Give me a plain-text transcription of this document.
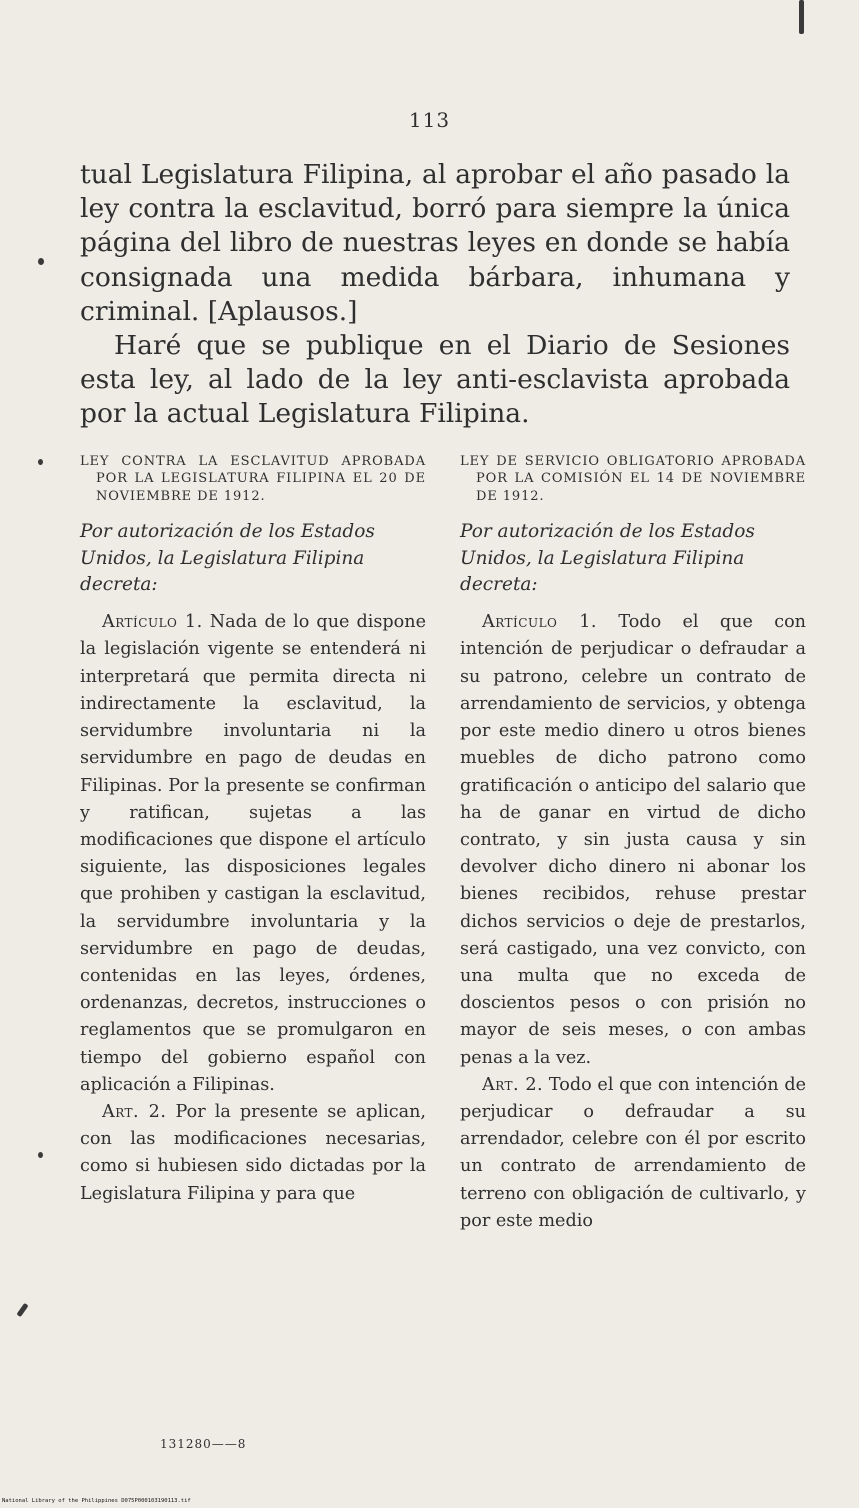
113

tual Legislatura Filipina, al aprobar el año pasado la ley contra la esclavitud, borró para siempre la única página del libro de nuestras leyes en donde se había consignada una medida bárbara, inhumana y criminal. [Aplausos.]

Haré que se publique en el Diario de Sesiones esta ley, al lado de la ley anti-esclavista aprobada por la actual Legislatura Filipina.

LEY CONTRA LA ESCLAVITUD APROBADA POR LA LEGISLATURA FILIPINA EL 20 DE NOVIEMBRE DE 1912.

Por autorización de los Estados Unidos, la Legislatura Filipina decreta:

Artículo 1. Nada de lo que dispone la legislación vigente se entenderá ni interpretará que permita directa ni indirectamente la esclavitud, la servidumbre involuntaria ni la servidumbre en pago de deudas en Filipinas. Por la presente se confirman y ratifican, sujetas a las modificaciones que dispone el artículo siguiente, las disposiciones legales que prohiben y castigan la esclavitud, la servidumbre involuntaria y la servidumbre en pago de deudas, contenidas en las leyes, órdenes, ordenanzas, decretos, instrucciones o reglamentos que se promulgaron en tiempo del gobierno español con aplicación a Filipinas.

Art. 2. Por la presente se aplican, con las modificaciones necesarias, como si hubiesen sido dictadas por la Legislatura Filipina y para que

LEY DE SERVICIO OBLIGATORIO APROBADA POR LA COMISIÓN EL 14 DE NOVIEMBRE DE 1912.

Por autorización de los Estados Unidos, la Legislatura Filipina decreta:

Artículo 1. Todo el que con intención de perjudicar o defraudar a su patrono, celebre un contrato de arrendamiento de servicios, y obtenga por este medio dinero u otros bienes muebles de dicho patrono como gratificación o anticipo del salario que ha de ganar en virtud de dicho contrato, y sin justa causa y sin devolver dicho dinero ni abonar los bienes recibidos, rehuse prestar dichos servicios o deje de prestarlos, será castigado, una vez convicto, con una multa que no exceda de doscientos pesos o con prisión no mayor de seis meses, o con ambas penas a la vez.

Art. 2. Todo el que con intención de perjudicar o defraudar a su arrendador, celebre con él por escrito un contrato de arrendamiento de terreno con obligación de cultivarlo, y por este medio

131280——8
National Library of the Philippines D075P000103190113.tif
